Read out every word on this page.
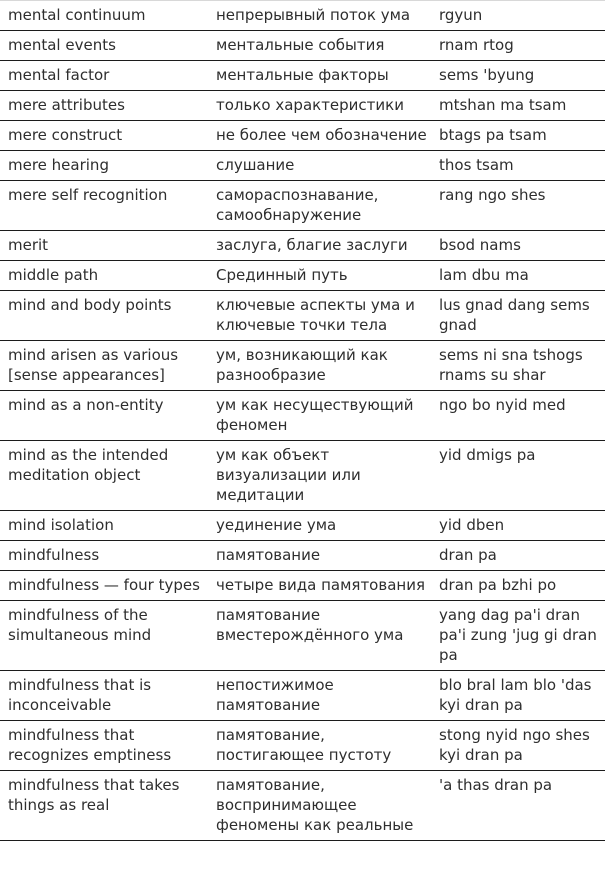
mental continuum	непрерывный поток ума	rgyun
mental events	ментальные события	rnam rtog
mental factor	ментальные факторы	sems 'byung
mere attributes	только характеристики	mtshan ma tsam
mere construct	не более чем обозначение	btags pa tsam
mere hearing	слушание	thos tsam
mere self recognition	самораспознавание, самообнаружение	rang ngo shes
merit	заслуга, благие заслуги	bsod nams
middle path	Срединный путь	lam dbu ma
mind and body points	ключевые аспекты ума и ключевые точки тела	lus gnad dang sems gnad
mind arisen as various [sense appearances]	ум, возникающий как разнообразие	sems ni sna tshogs rnams su shar
mind as a non-entity	ум как несуществующий феномен	ngo bo nyid med
mind as the intended meditation object	ум как объект визуализации или медитации	yid dmigs pa
mind isolation	уединение ума	yid dben
mindfulness	памятование	dran pa
mindfulness — four types	четыре вида памятования	dran pa bzhi po
mindfulness of the simultaneous mind	памятование вместерождённого ума	yang dag pa'i dran pa'i zung 'jug gi dran pa
mindfulness that is inconceivable	непостижимое памятование	blo bral lam blo 'das kyi dran pa
mindfulness that recognizes emptiness	памятование, постигающее пустоту	stong nyid ngo shes kyi dran pa
mindfulness that takes things as real	памятование, воспринимающее феномены как реальные	'a thas dran pa
